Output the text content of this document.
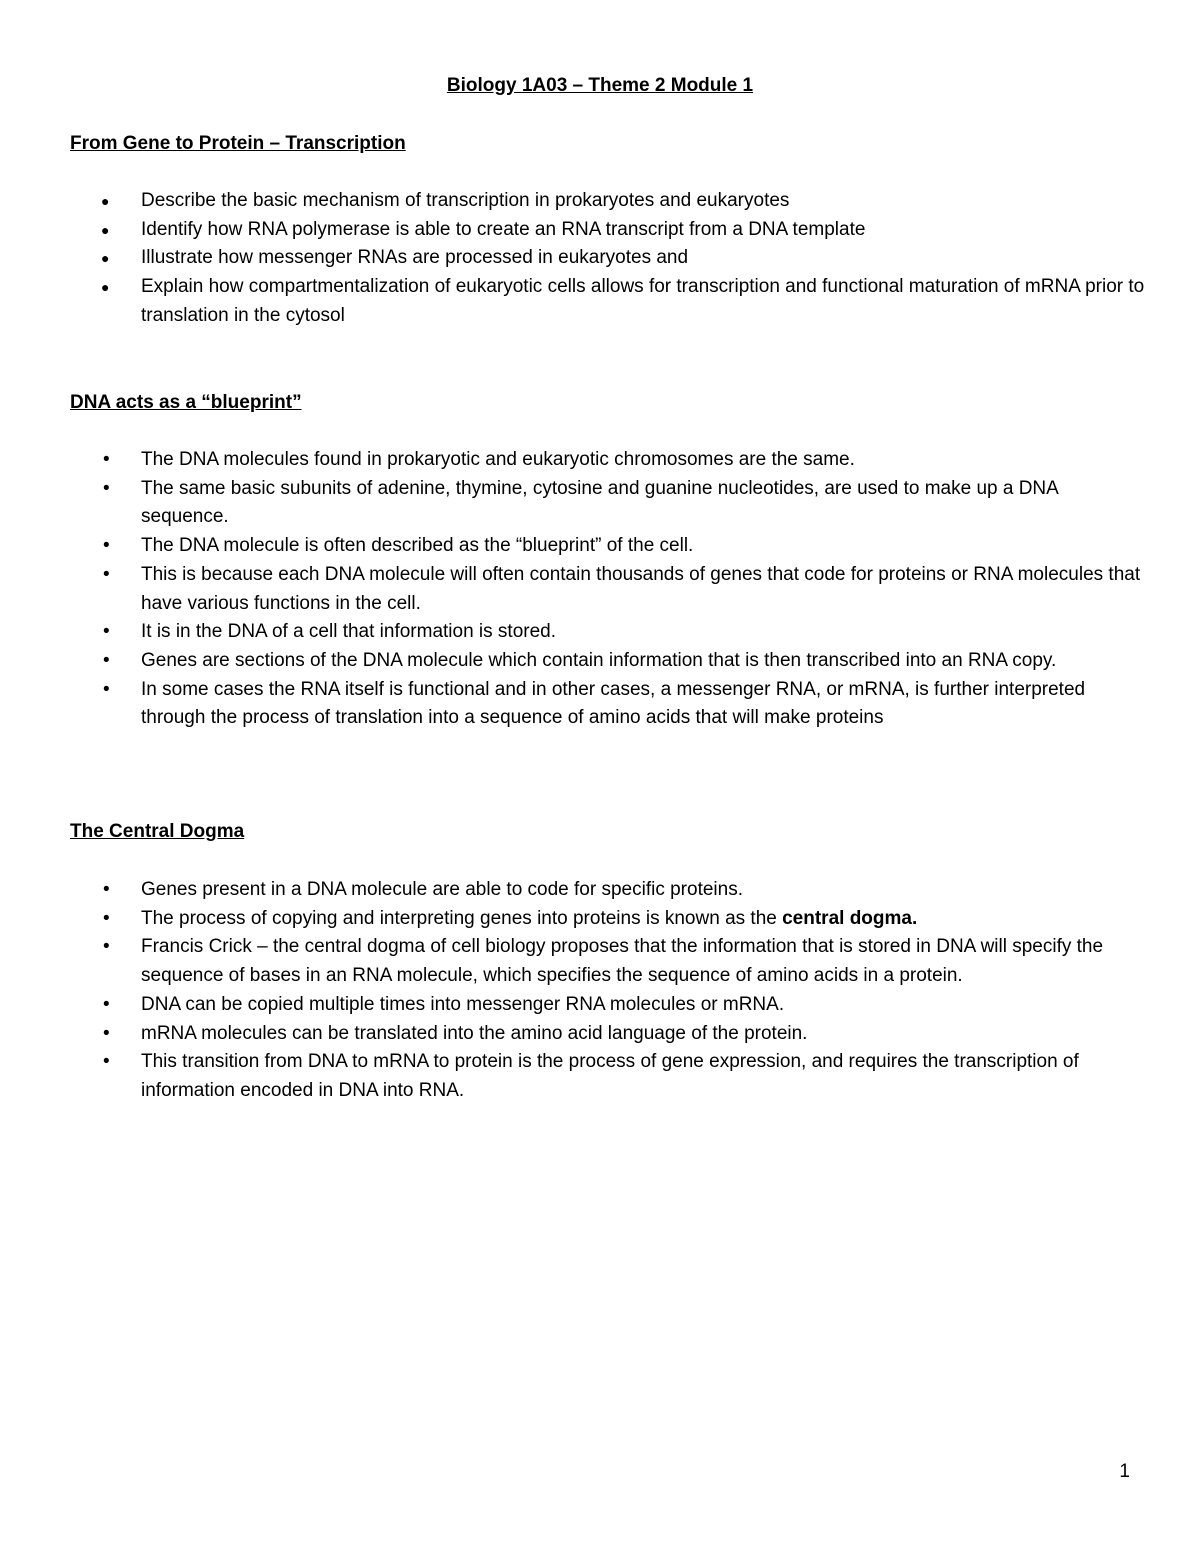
Biology 1A03 – Theme 2 Module 1
From Gene to Protein – Transcription
● Describe the basic mechanism of transcription in prokaryotes and eukaryotes
● Identify how RNA polymerase is able to create an RNA transcript from a DNA template
● Illustrate how messenger RNAs are processed in eukaryotes and
● Explain how compartmentalization of eukaryotic cells allows for transcription and functional maturation of mRNA prior to translation in the cytosol
DNA acts as a “blueprint”
• The DNA molecules found in prokaryotic and eukaryotic chromosomes are the same.
• The same basic subunits of adenine, thymine, cytosine and guanine nucleotides, are used to make up a DNA sequence.
• The DNA molecule is often described as the “blueprint” of the cell.
• This is because each DNA molecule will often contain thousands of genes that code for proteins or RNA molecules that have various functions in the cell.
• It is in the DNA of a cell that information is stored.
• Genes are sections of the DNA molecule which contain information that is then transcribed into an RNA copy.
• In some cases the RNA itself is functional and in other cases, a messenger RNA, or mRNA, is further interpreted through the process of translation into a sequence of amino acids that will make proteins
The Central Dogma
• Genes present in a DNA molecule are able to code for specific proteins.
• The process of copying and interpreting genes into proteins is known as the central dogma.
• Francis Crick – the central dogma of cell biology proposes that the information that is stored in DNA will specify the sequence of bases in an RNA molecule, which specifies the sequence of amino acids in a protein.
• DNA can be copied multiple times into messenger RNA molecules or mRNA.
• mRNA molecules can be translated into the amino acid language of the protein.
• This transition from DNA to mRNA to protein is the process of gene expression, and requires the transcription of information encoded in DNA into RNA.
1
